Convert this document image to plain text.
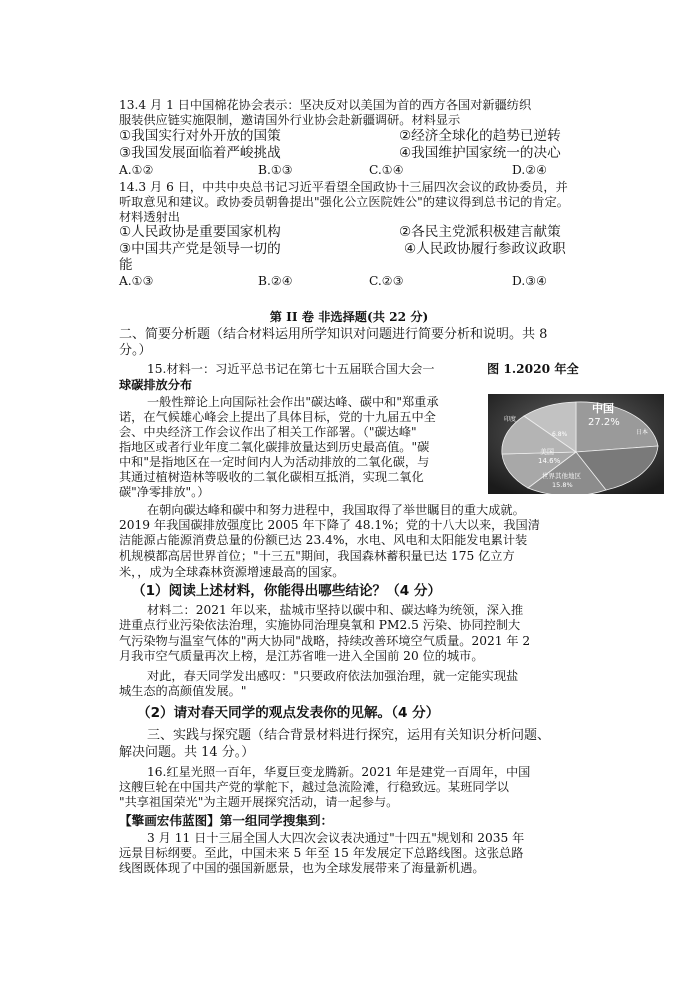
13.4 月 1 日中国棉花协会表示：坚决反对以美国为首的西方各国对新疆纺织
服装供应链实施限制，邀请国外行业协会赴新疆调研。材料显示
①我国实行对外开放的国策	②经济全球化的趋势已逆转
③我国发展面临着严峻挑战	④我国维护国家统一的决心
A.①②	B.①③	C.①④	D.②④
14.3 月 6 日，中共中央总书记习近平看望全国政协十三届四次会议的政协委员，并
听取意见和建议。政协委员朝鲁提出"强化公立医院姓公"的建议得到总书记的肯定。
材料透射出
①人民政协是重要国家机构	②各民主党派积极建言献策
③中国共产党是领导一切的	④人民政协履行参政议政职
能
A.①③	B.②④	C.②③	D.③④
第 II 卷 非选择题(共 22 分)
二、简要分析题（结合材料运用所学知识对问题进行简要分析和说明。共 8
分。）
15.材料一：习近平总书记在第七十五届联合国大会一	图 1.2020 年全
球碳排放分布
一般性辩论上向国际社会作出"碳达峰、碳中和"郑重承
诺，在气候雄心峰会上提出了具体目标，党的十九届五中全
会、中央经济工作会议作出了相关工作部署。（"碳达峰"
指地区或者行业年度二氧化碳排放量达到历史最高值。"碳
中和"是指地区在一定时间内人为活动排放的二氧化碳，与
其通过植树造林等吸收的二氧化碳相互抵消，实现二氧化
碳"净零排放"。）
中国
27.2%
印度
日本
6.8%
美国
14.6%
世界其他地区
15.8%
在朝向碳达峰和碳中和努力进程中，我国取得了举世瞩目的重大成就。
2019 年我国碳排放强度比 2005 年下降了 48.1%；党的十八大以来，我国清
洁能源占能源消费总量的份额已达 23.4%，水电、风电和太阳能发电累计装
机规模都高居世界首位；"十三五"期间，我国森林蓄积量已达 175 亿立方
米，，成为全球森林资源增速最高的国家。
（1）阅读上述材料，你能得出哪些结论？（4 分）
材料二：2021 年以来，盐城市坚持以碳中和、碳达峰为统领，深入推
进重点行业污染依法治理，实施协同治理臭氧和 PM2.5 污染、协同控制大
气污染物与温室气体的"两大协同"战略，持续改善环境空气质量。2021 年 2
月我市空气质量再次上榜，是江苏省唯一进入全国前 20 位的城市。
对此，春天同学发出感叹："只要政府依法加强治理，就一定能实现盐
城生态的高颜值发展。"
（2）请对春天同学的观点发表你的见解。（4 分）
三、实践与探究题（结合背景材料进行探究，运用有关知识分析问题、
解决问题。共 14 分。）
16.红星光照一百年，华夏巨变龙腾新。2021 年是建党一百周年，中国
这艘巨轮在中国共产党的掌舵下，越过急流险滩，行稳致远。某班同学以
"共享祖国荣光"为主题开展探究活动，请一起参与。
【擎画宏伟蓝图】第一组同学搜集到：
3 月 11 日十三届全国人大四次会议表决通过"十四五"规划和 2035 年
远景目标纲要。至此，中国未来 5 年至 15 年发展定下总路线图。这张总路
线图既体现了中国的强国新愿景，也为全球发展带来了海量新机遇。
